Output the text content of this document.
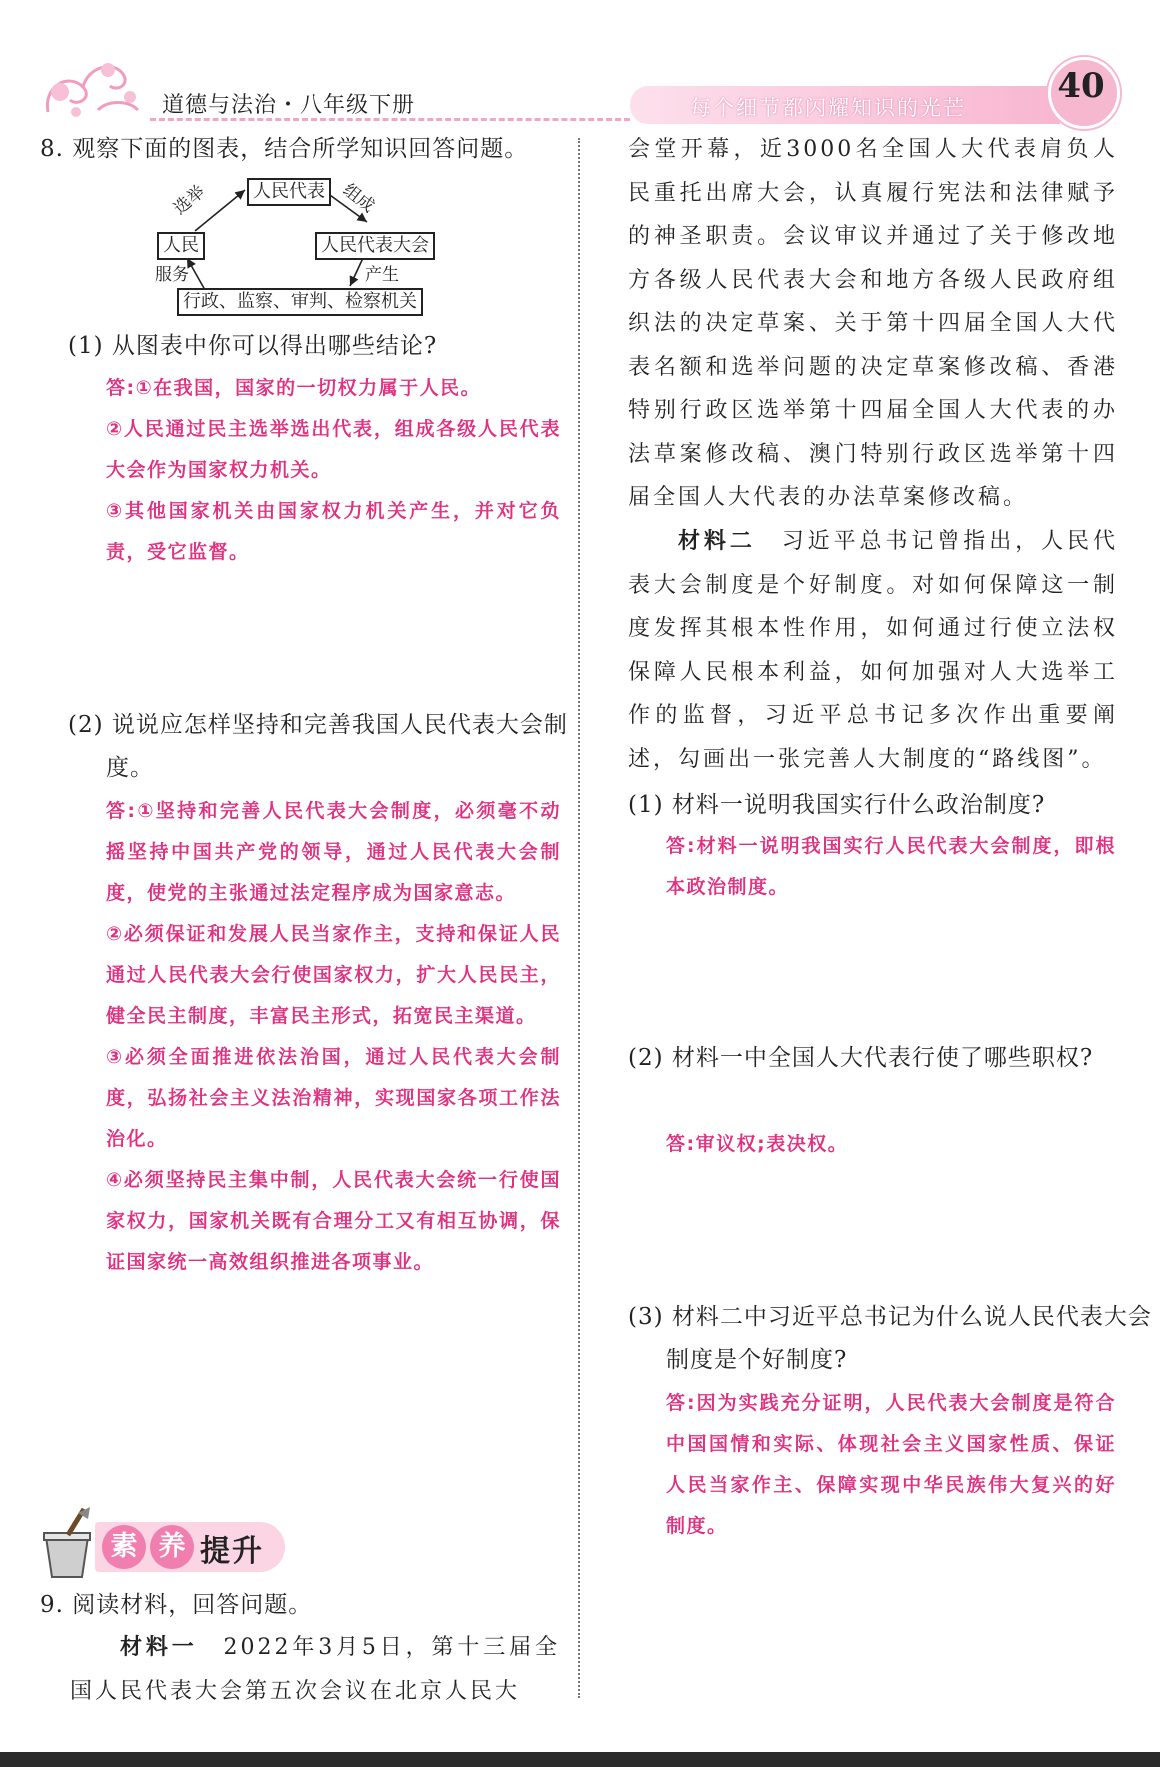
道德与法治・八年级下册	每个细节都闪耀知识的光芒
40
8. 观察下面的图表，结合所学知识回答问题。
人民代表
人民	人民代表大会
行政、监察、审判、检察机关
选举	组成
服务	产生
(1) 从图表中你可以得出哪些结论?
答:①在我国，国家的一切权力属于人民。
②人民通过民主选举选出代表，组成各级人民代表大会作为国家权力机关。
③其他国家机关由国家权力机关产生，并对它负责，受它监督。
(2) 说说应怎样坚持和完善我国人民代表大会制度。
答:①坚持和完善人民代表大会制度，必须毫不动摇坚持中国共产党的领导，通过人民代表大会制度，使党的主张通过法定程序成为国家意志。
②必须保证和发展人民当家作主，支持和保证人民通过人民代表大会行使国家权力，扩大人民民主，健全民主制度，丰富民主形式，拓宽民主渠道。
③必须全面推进依法治国，通过人民代表大会制度，弘扬社会主义法治精神，实现国家各项工作法治化。
④必须坚持民主集中制，人民代表大会统一行使国家权力，国家机关既有合理分工又有相互协调，保证国家统一高效组织推进各项事业。
素 养 提升
9. 阅读材料，回答问题。
材料一　 2022年3月5日，第十三届全国人民代表大会第五次会议在北京人民大
会堂开幕，近3000名全国人大代表肩负人民重托出席大会，认真履行宪法和法律赋予的神圣职责。会议审议并通过了关于修改地方各级人民代表大会和地方各级人民政府组织法的决定草案、关于第十四届全国人大代表名额和选举问题的决定草案修改稿、香港特别行政区选举第十四届全国人大代表的办法草案修改稿、澳门特别行政区选举第十四届全国人大代表的办法草案修改稿。
材料二　 习近平总书记曾指出，人民代表大会制度是个好制度。对如何保障这一制度发挥其根本性作用，如何通过行使立法权保障人民根本利益，如何加强对人大选举工作的监督，习近平总书记多次作出重要阐述，勾画出一张完善人大制度的“路线图”。
(1) 材料一说明我国实行什么政治制度?
答:材料一说明我国实行人民代表大会制度，即根本政治制度。
(2) 材料一中全国人大代表行使了哪些职权?
答:审议权;表决权。
(3) 材料二中习近平总书记为什么说人民代表大会制度是个好制度?
答:因为实践充分证明，人民代表大会制度是符合中国国情和实际、体现社会主义国家性质、保证人民当家作主、保障实现中华民族伟大复兴的好制度。
